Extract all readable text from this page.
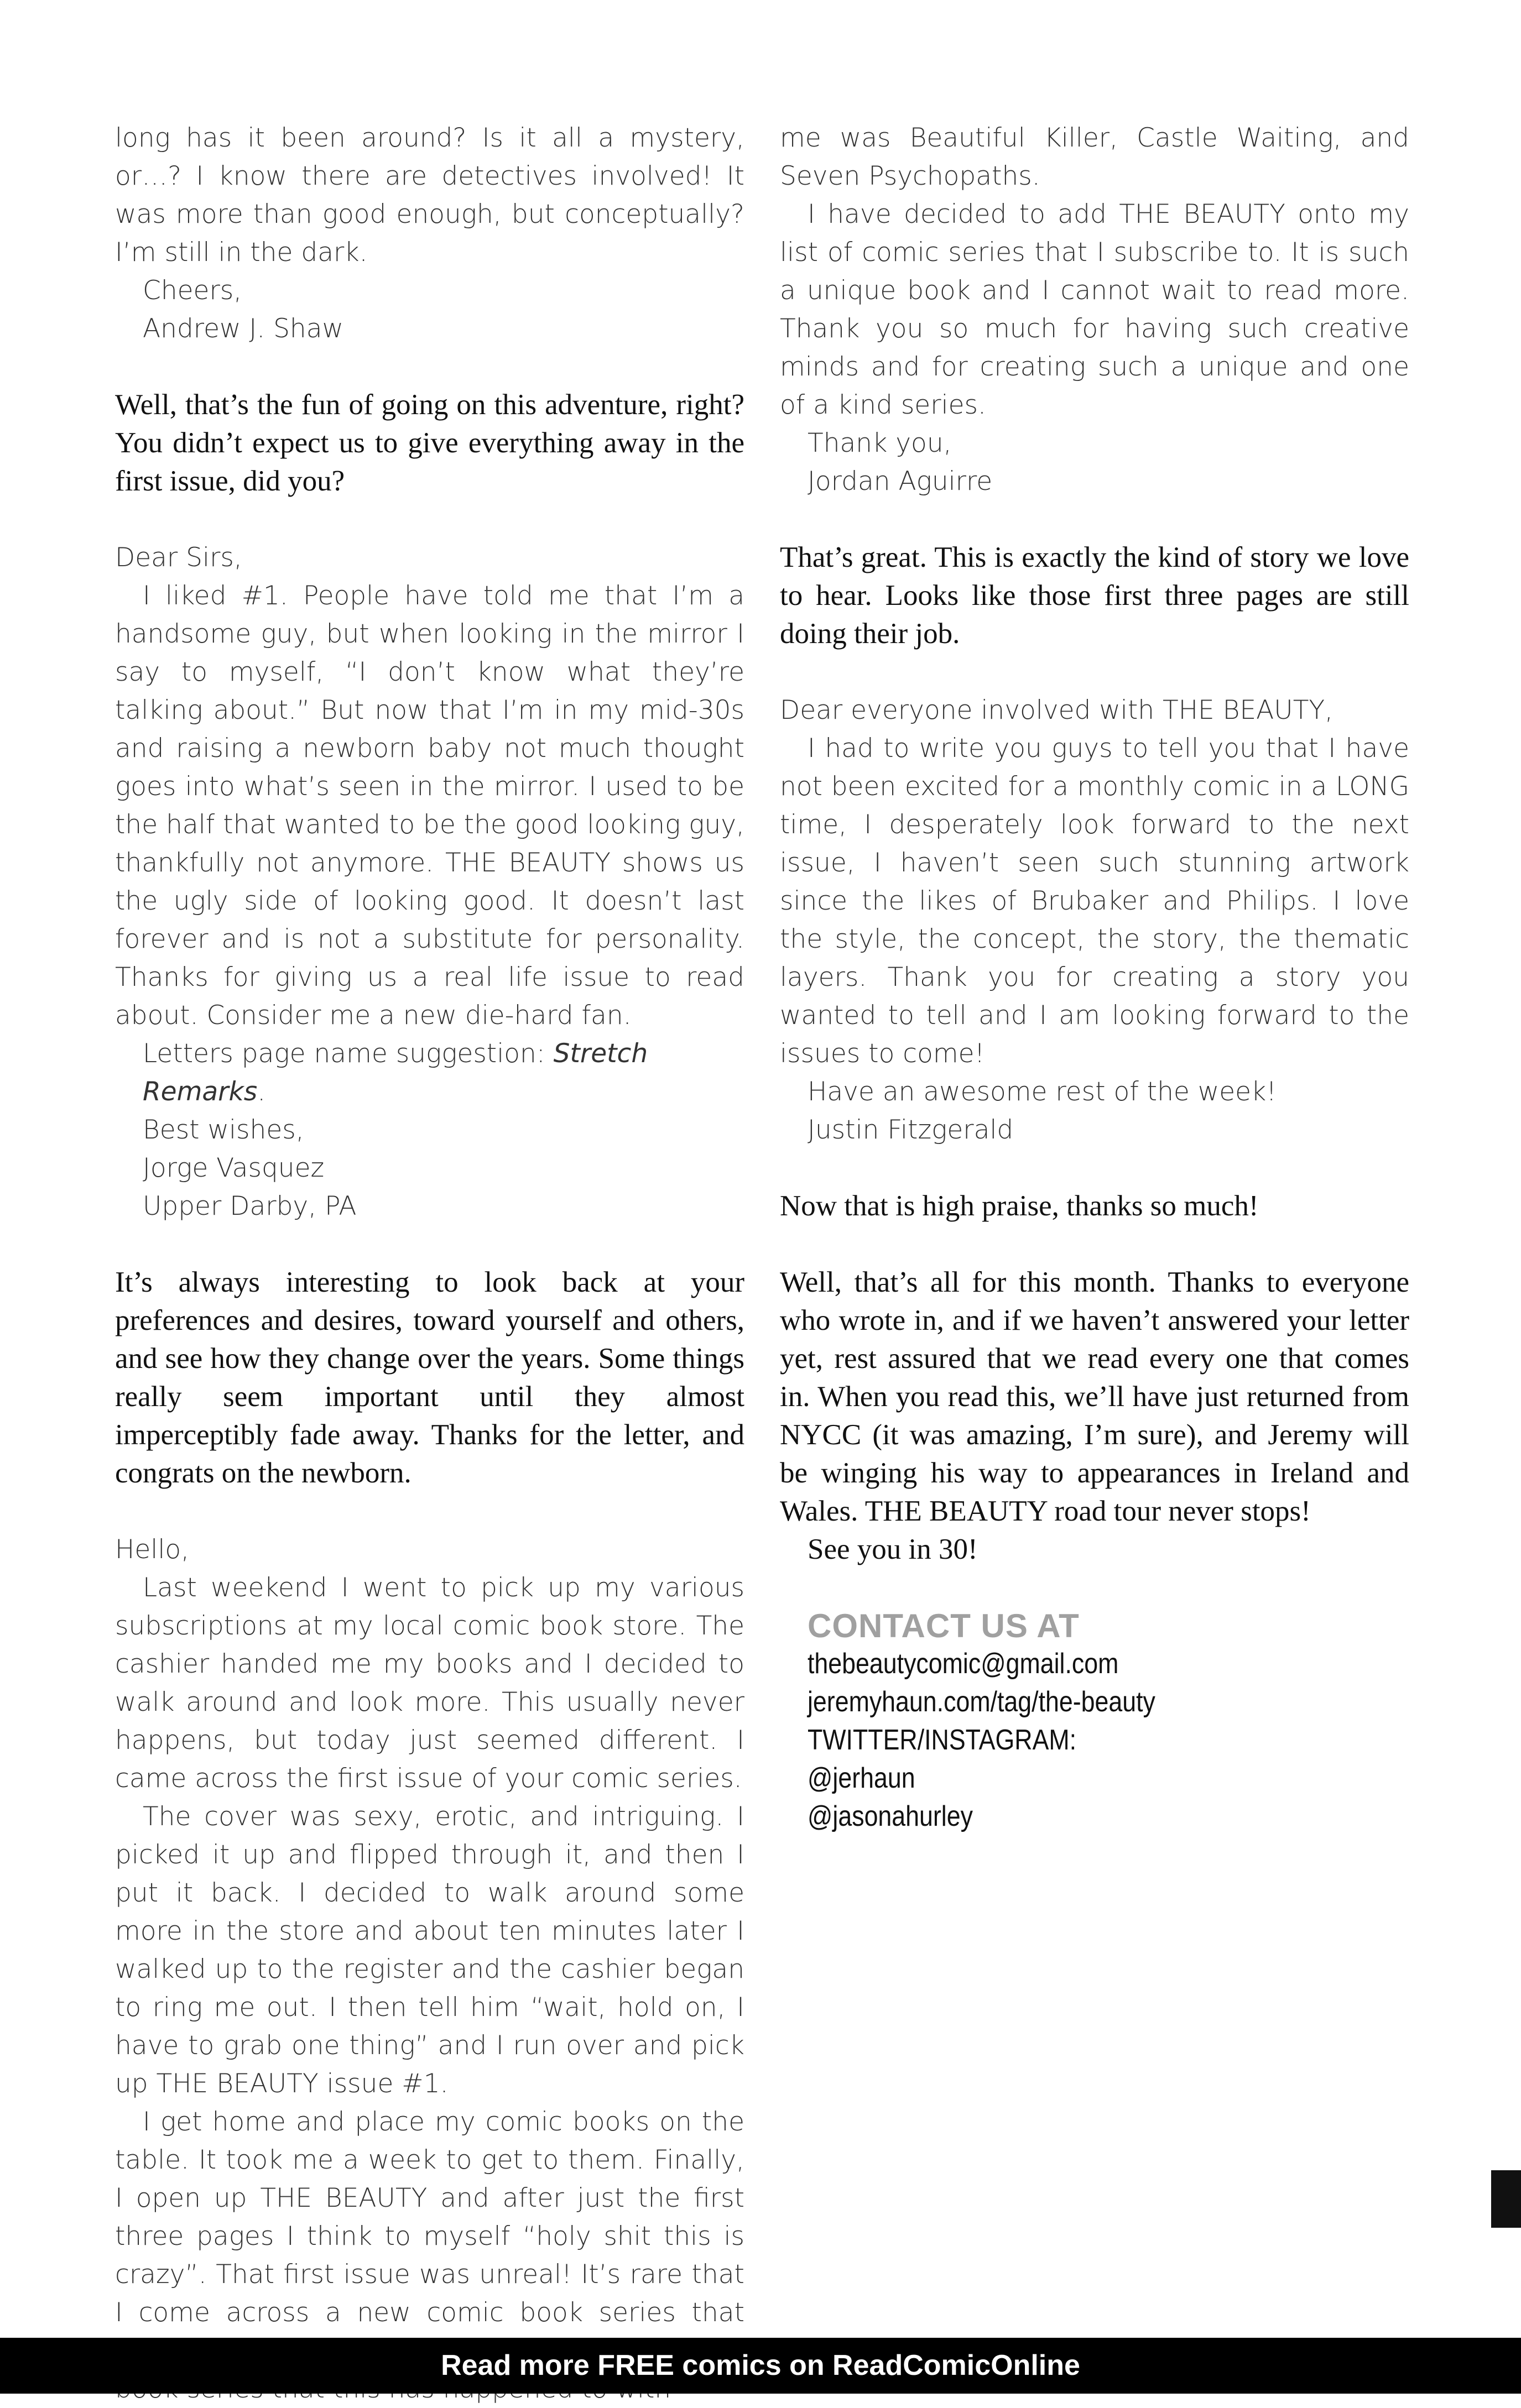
long has it been around? Is it all a mystery, or…? I know there are detectives involved! It was more than good enough, but conceptually? I’m still in the dark.

Cheers,

Andrew J. Shaw

Well, that’s the fun of going on this adventure, right? You didn’t expect us to give everything away in the first issue, did you?

Dear Sirs,

I liked #1. People have told me that I’m a handsome guy, but when looking in the mirror I say to myself, “I don’t know what they’re talking about.” But now that I’m in my mid-30s and raising a newborn baby not much thought goes into what’s seen in the mirror. I used to be the half that wanted to be the good looking guy, thankfully not anymore. THE BEAUTY shows us the ugly side of looking good. It doesn’t last forever and is not a substitute for personality. Thanks for giving us a real life issue to read about. Consider me a new die-hard fan.

Letters page name suggestion: Stretch Remarks.

Best wishes,

Jorge Vasquez

Upper Darby, PA

It’s always interesting to look back at your preferences and desires, toward yourself and others, and see how they change over the years. Some things really seem important until they almost imperceptibly fade away. Thanks for the letter, and congrats on the newborn.

Hello,

Last weekend I went to pick up my various subscriptions at my local comic book store. The cashier handed me my books and I decided to walk around and look more. This usually never happens, but today just seemed different. I came across the first issue of your comic series.

The cover was sexy, erotic, and intriguing. I picked it up and flipped through it, and then I put it back. I decided to walk around some more in the store and about ten minutes later I walked up to the register and the cashier began to ring me out. I then tell him “wait, hold on, I have to grab one thing” and I run over and pick up THE BEAUTY issue #1.

I get home and place my comic books on the table. It took me a week to get to them. Finally, I open up THE BEAUTY and after just the first three pages I think to myself “holy shit this is crazy”. That first issue was unreal! It’s rare that I come across a new comic book series that

me was Beautiful Killer, Castle Waiting, and Seven Psychopaths.

I have decided to add THE BEAUTY onto my list of comic series that I subscribe to. It is such a unique book and I cannot wait to read more. Thank you so much for having such creative minds and for creating such a unique and one of a kind series.

Thank you,

Jordan Aguirre

That’s great. This is exactly the kind of story we love to hear. Looks like those first three pages are still doing their job.

Dear everyone involved with THE BEAUTY,

I had to write you guys to tell you that I have not been excited for a monthly comic in a LONG time, I desperately look forward to the next issue, I haven’t seen such stunning artwork since the likes of Brubaker and Philips. I love the style, the concept, the story, the thematic layers. Thank you for creating a story you wanted to tell and I am looking forward to the issues to come!

Have an awesome rest of the week!

Justin Fitzgerald

Now that is high praise, thanks so much!

Well, that’s all for this month. Thanks to everyone who wrote in, and if we haven’t answered your letter yet, rest assured that we read every one that comes in. When you read this, we’ll have just returned from NYCC (it was amazing, I’m sure), and Jeremy will be winging his way to appearances in Ireland and Wales. THE BEAUTY road tour never stops!

See you in 30!

CONTACT US AT
thebeautycomic@gmail.com
jeremyhaun.com/tag/the-beauty
TWITTER/INSTAGRAM:
@jerhaun
@jasonahurley
Read more FREE comics on ReadComicOnline
